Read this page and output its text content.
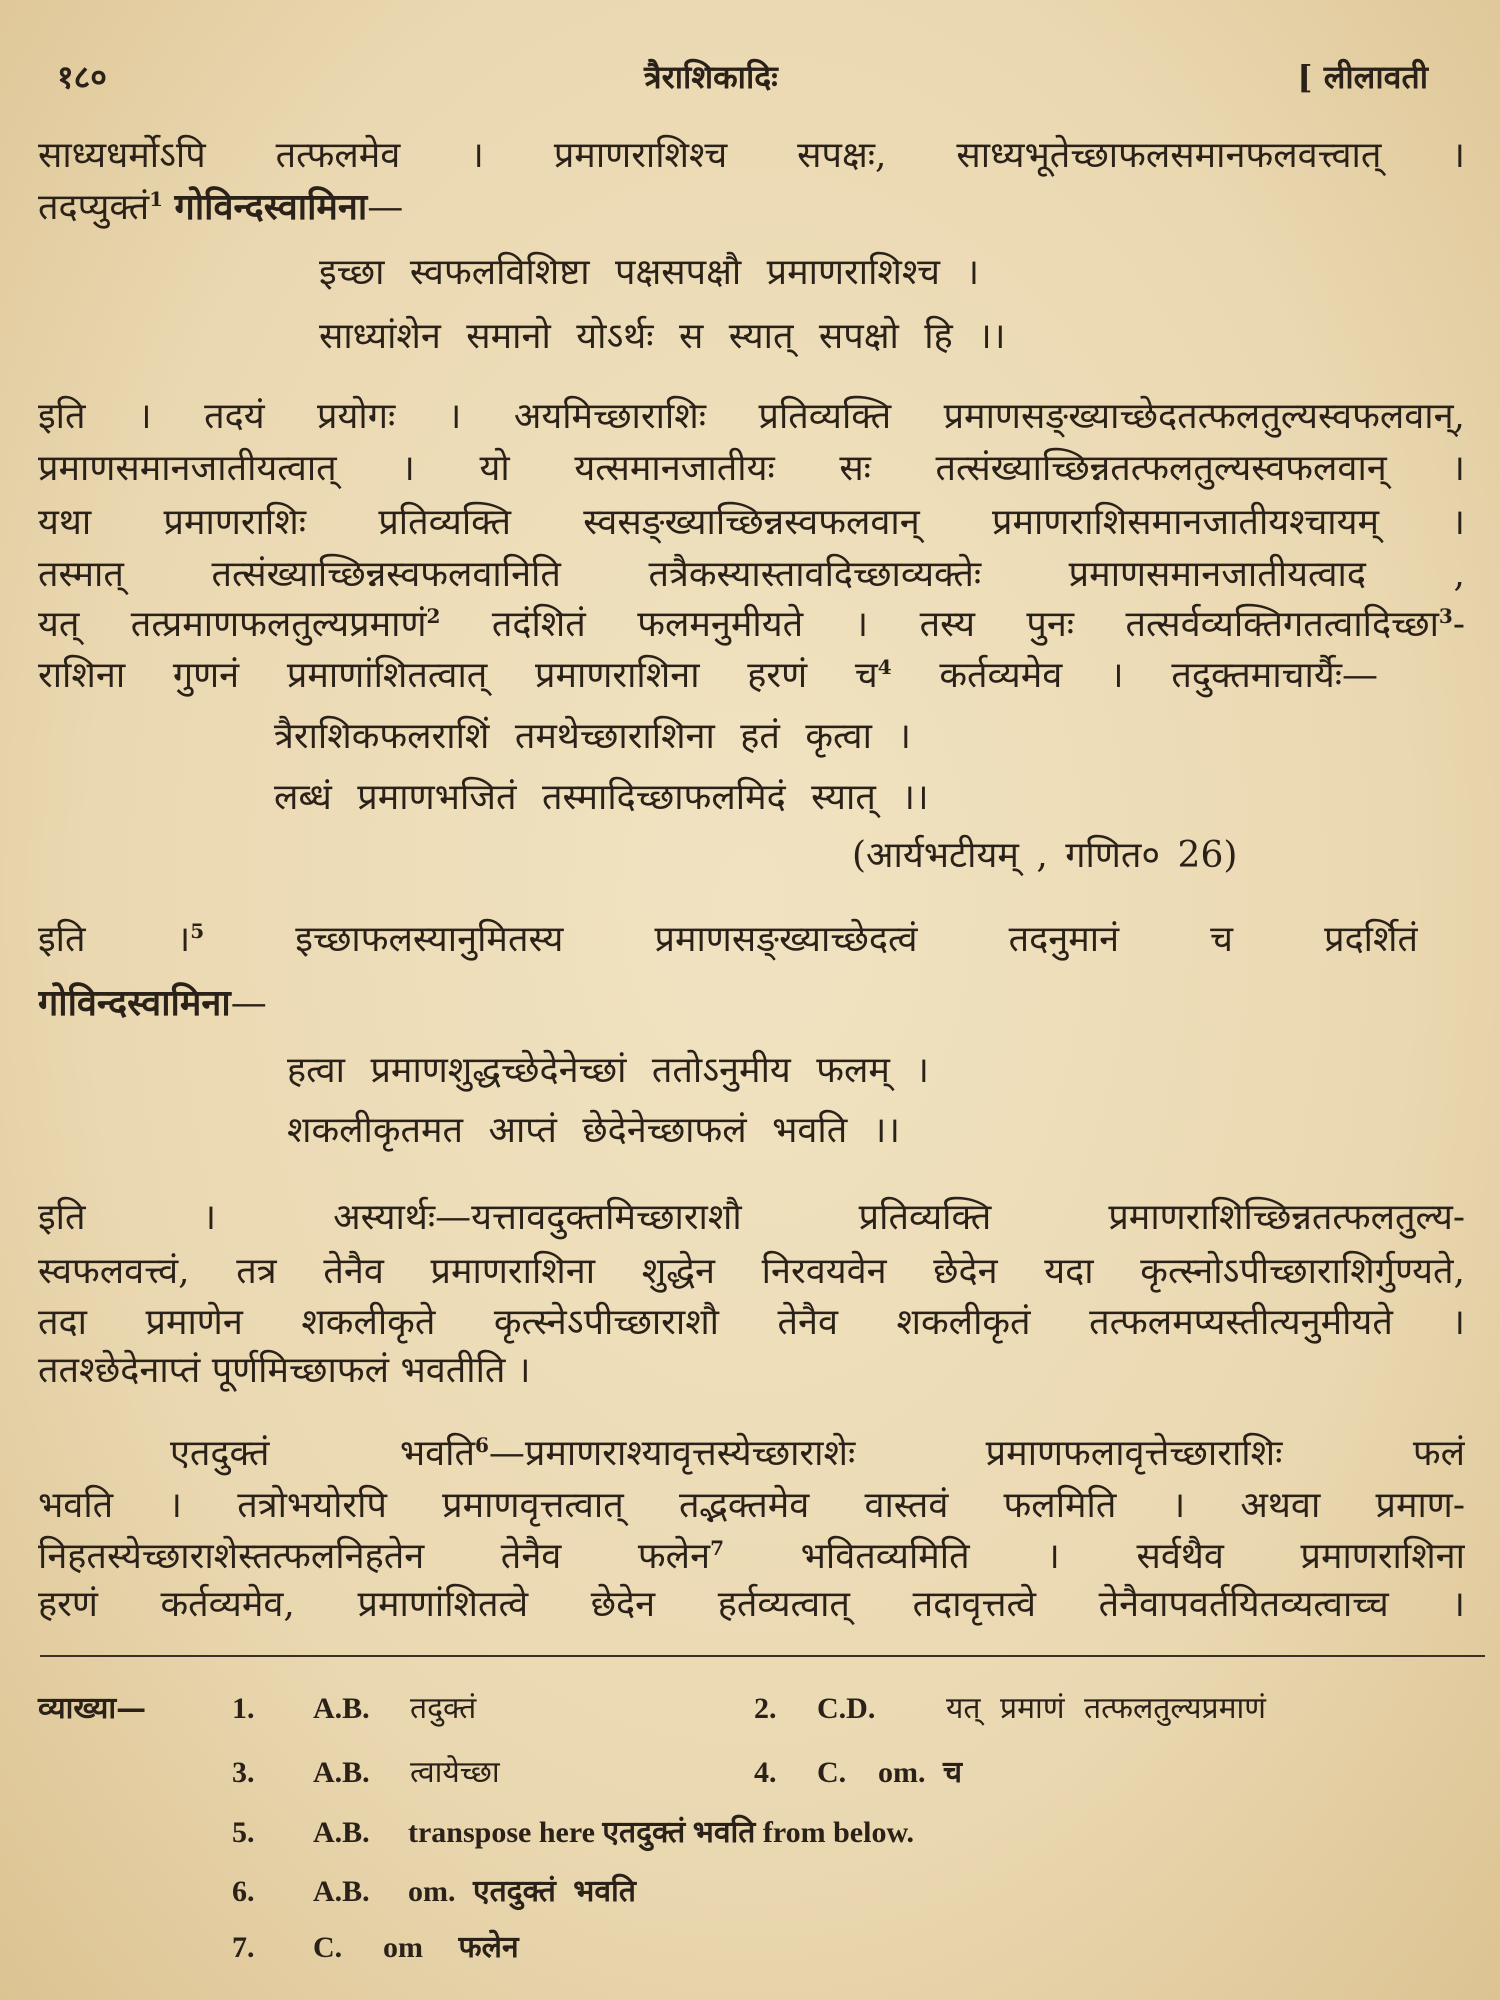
१८०	त्रैराशिकादिः	[ लीलावती
साध्यधर्मोऽपि तत्फलमेव । प्रमाणराशिश्च सपक्षः, साध्यभूतेच्छाफलसमानफलवत्त्वात् ।
तदप्युक्तं$^1$ गोविन्दस्वामिना—
इच्छा स्वफलविशिष्टा पक्षसपक्षौ प्रमाणराशिश्च ।
साध्यांशेन समानो योऽर्थः स स्यात् सपक्षो हि ।।
इति । तदयं प्रयोगः । अयमिच्छाराशिः प्रतिव्यक्ति प्रमाणसङ्ख्याच्छेदतत्फलतुल्यस्वफलवान्,
प्रमाणसमानजातीयत्वात् । यो यत्समानजातीयः सः तत्संख्याच्छिन्नतत्फलतुल्यस्वफलवान् ।
यथा प्रमाणराशिः प्रतिव्यक्ति स्वसङ्ख्याच्छिन्नस्वफलवान् प्रमाणराशिसमानजातीयश्चायम् ।
तस्मात् तत्संख्याच्छिन्नस्वफलवानिति तत्रैकस्यास्तावदिच्छाव्यक्तेः प्रमाणसमानजातीयत्वाद ,
यत् तत्प्रमाणफलतुल्यप्रमाणं$^2$ तदंशितं फलमनुमीयते । तस्य पुनः तत्सर्वव्यक्तिगतत्वादिच्छा$^3$-
राशिना गुणनं प्रमाणांशितत्वात् प्रमाणराशिना हरणं च$^4$ कर्तव्यमेव । तदुक्तमाचार्यैः—
त्रैराशिकफलराशिं तमथेच्छाराशिना हतं कृत्वा ।
लब्धं प्रमाणभजितं तस्मादिच्छाफलमिदं स्यात् ।।
(आर्यभटीयम् , गणित० 26)
इति ।$^5$ इच्छाफलस्यानुमितस्य प्रमाणसङ्ख्याच्छेदत्वं तदनुमानं च प्रदर्शितं
गोविन्दस्वामिना—
हत्वा प्रमाणशुद्धच्छेदेनेच्छां ततोऽनुमीय फलम् ।
शकलीकृतमत आप्तं छेदेनेच्छाफलं भवति ।।
इति । अस्यार्थः—यत्तावदुक्तमिच्छाराशौ प्रतिव्यक्ति प्रमाणराशिच्छिन्नतत्फलतुल्य-
स्वफलवत्त्वं, तत्र तेनैव प्रमाणराशिना शुद्धेन निरवयवेन छेदेन यदा कृत्स्नोऽपीच्छाराशिर्गुण्यते,
तदा प्रमाणेन शकलीकृते कृत्स्नेऽपीच्छाराशौ तेनैव शकलीकृतं तत्फलमप्यस्तीत्यनुमीयते ।
ततश्छेदेनाप्तं पूर्णमिच्छाफलं भवतीति ।
एतदुक्तं भवति$^6$—प्रमाणराश्यावृत्तस्येच्छाराशेः प्रमाणफलावृत्तेच्छाराशिः फलं
भवति । तत्रोभयोरपि प्रमाणवृत्तत्वात् तद्भक्तमेव वास्तवं फलमिति । अथवा प्रमाण-
निहतस्येच्छाराशेस्तत्फलनिहतेन तेनैव फलेन$^7$ भवितव्यमिति । सर्वथैव प्रमाणराशिना
हरणं कर्तव्यमेव, प्रमाणांशितत्वे छेदेन हर्तव्यत्वात् तदावृत्तत्वे तेनैवापवर्तयितव्यत्वाच्च ।
व्याख्या—	1. A.B. तदुक्तं	2. C.D. यत् प्रमाणं तत्फलतुल्यप्रमाणं
3. A.B. त्वायेच्छा	4. C. om. च
5. A.B. transpose here एतदुक्तं भवति from below.
6. A.B. om. एतदुक्तं भवति
7. C. om फलेन
